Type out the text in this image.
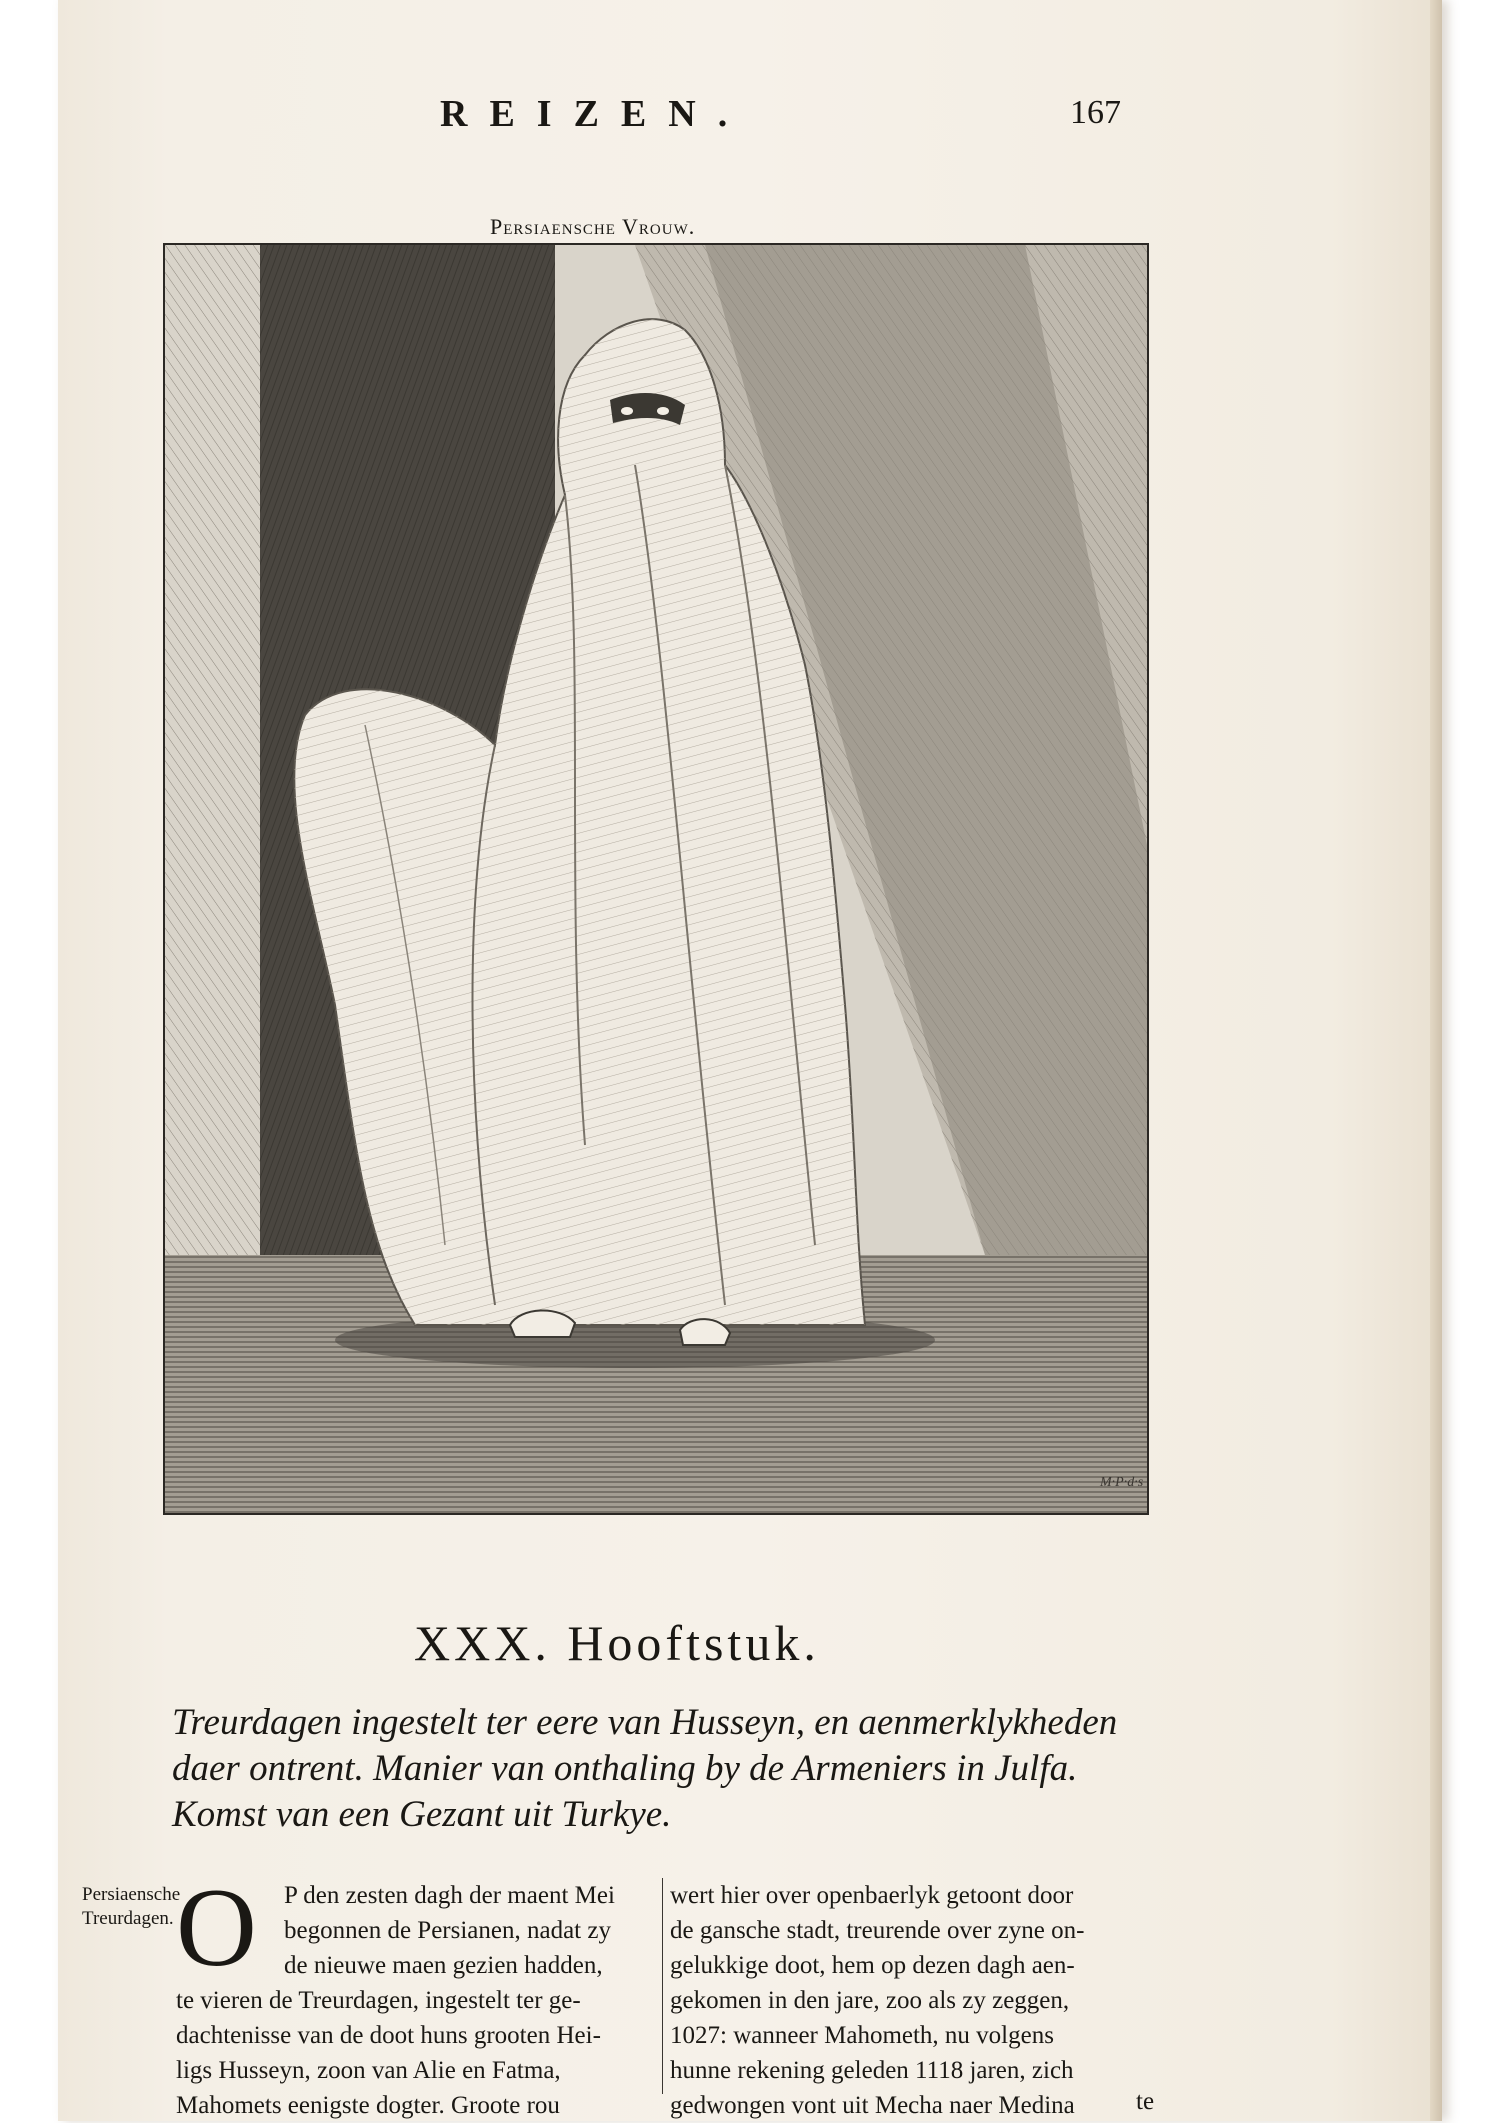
REIZEN.	167
Persiaensche Vrouw.
M·P·d·s
XXX. Hooftstuk.

Treurdagen ingestelt ter eere van Husseyn, en aenmerklykheden daer ontrent. Manier van onthaling by de Armeniers in Julfa. Komst van een Gezant uit Turkye.

Persiaensche Treurdagen. O	P den zesten dagh der maent Mei
begonnen de Persianen, nadat zy
de nieuwe maen gezien hadden,
te vieren de Treurdagen, ingestelt ter ge-
dachtenisse van de doot huns grooten Hei-
ligs Husseyn, zoon van Alie en Fatma,
Mahomets eenigste dogter. Groote rou
wert hier over openbaerlyk getoont door
de gansche stadt, treurende over zyne on-
gelukkige doot, hem op dezen dagh aen-
gekomen in den jare, zoo als zy zeggen,
1027: wanneer Mahometh, nu volgens
hunne rekening geleden 1118 jaren, zich
gedwongen vont uit Mecha naer Medina	te
